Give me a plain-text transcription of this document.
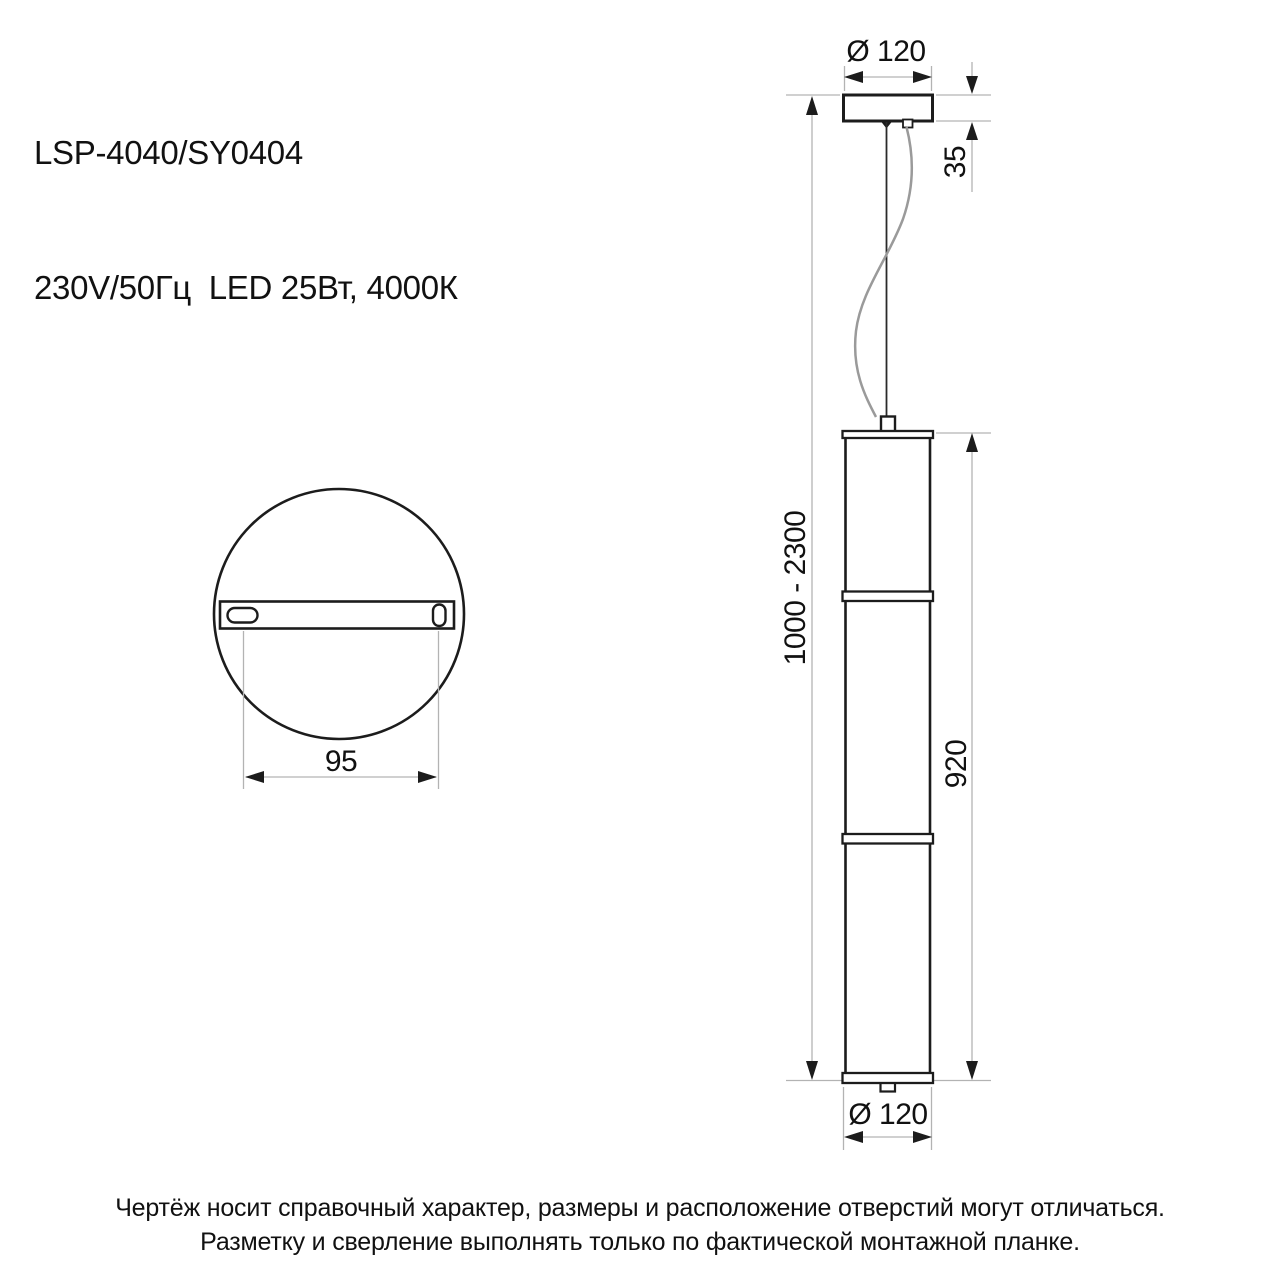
LSP-4040/SY0404

230V/50Гц  LED 25Вт, 4000К

Ø 120
35
1000 - 2300
920
Ø 120
95
Чертёж носит справочный характер, размеры и расположение отверстий могут отличаться.
Разметку и сверление выполнять только по фактической монтажной планке.
